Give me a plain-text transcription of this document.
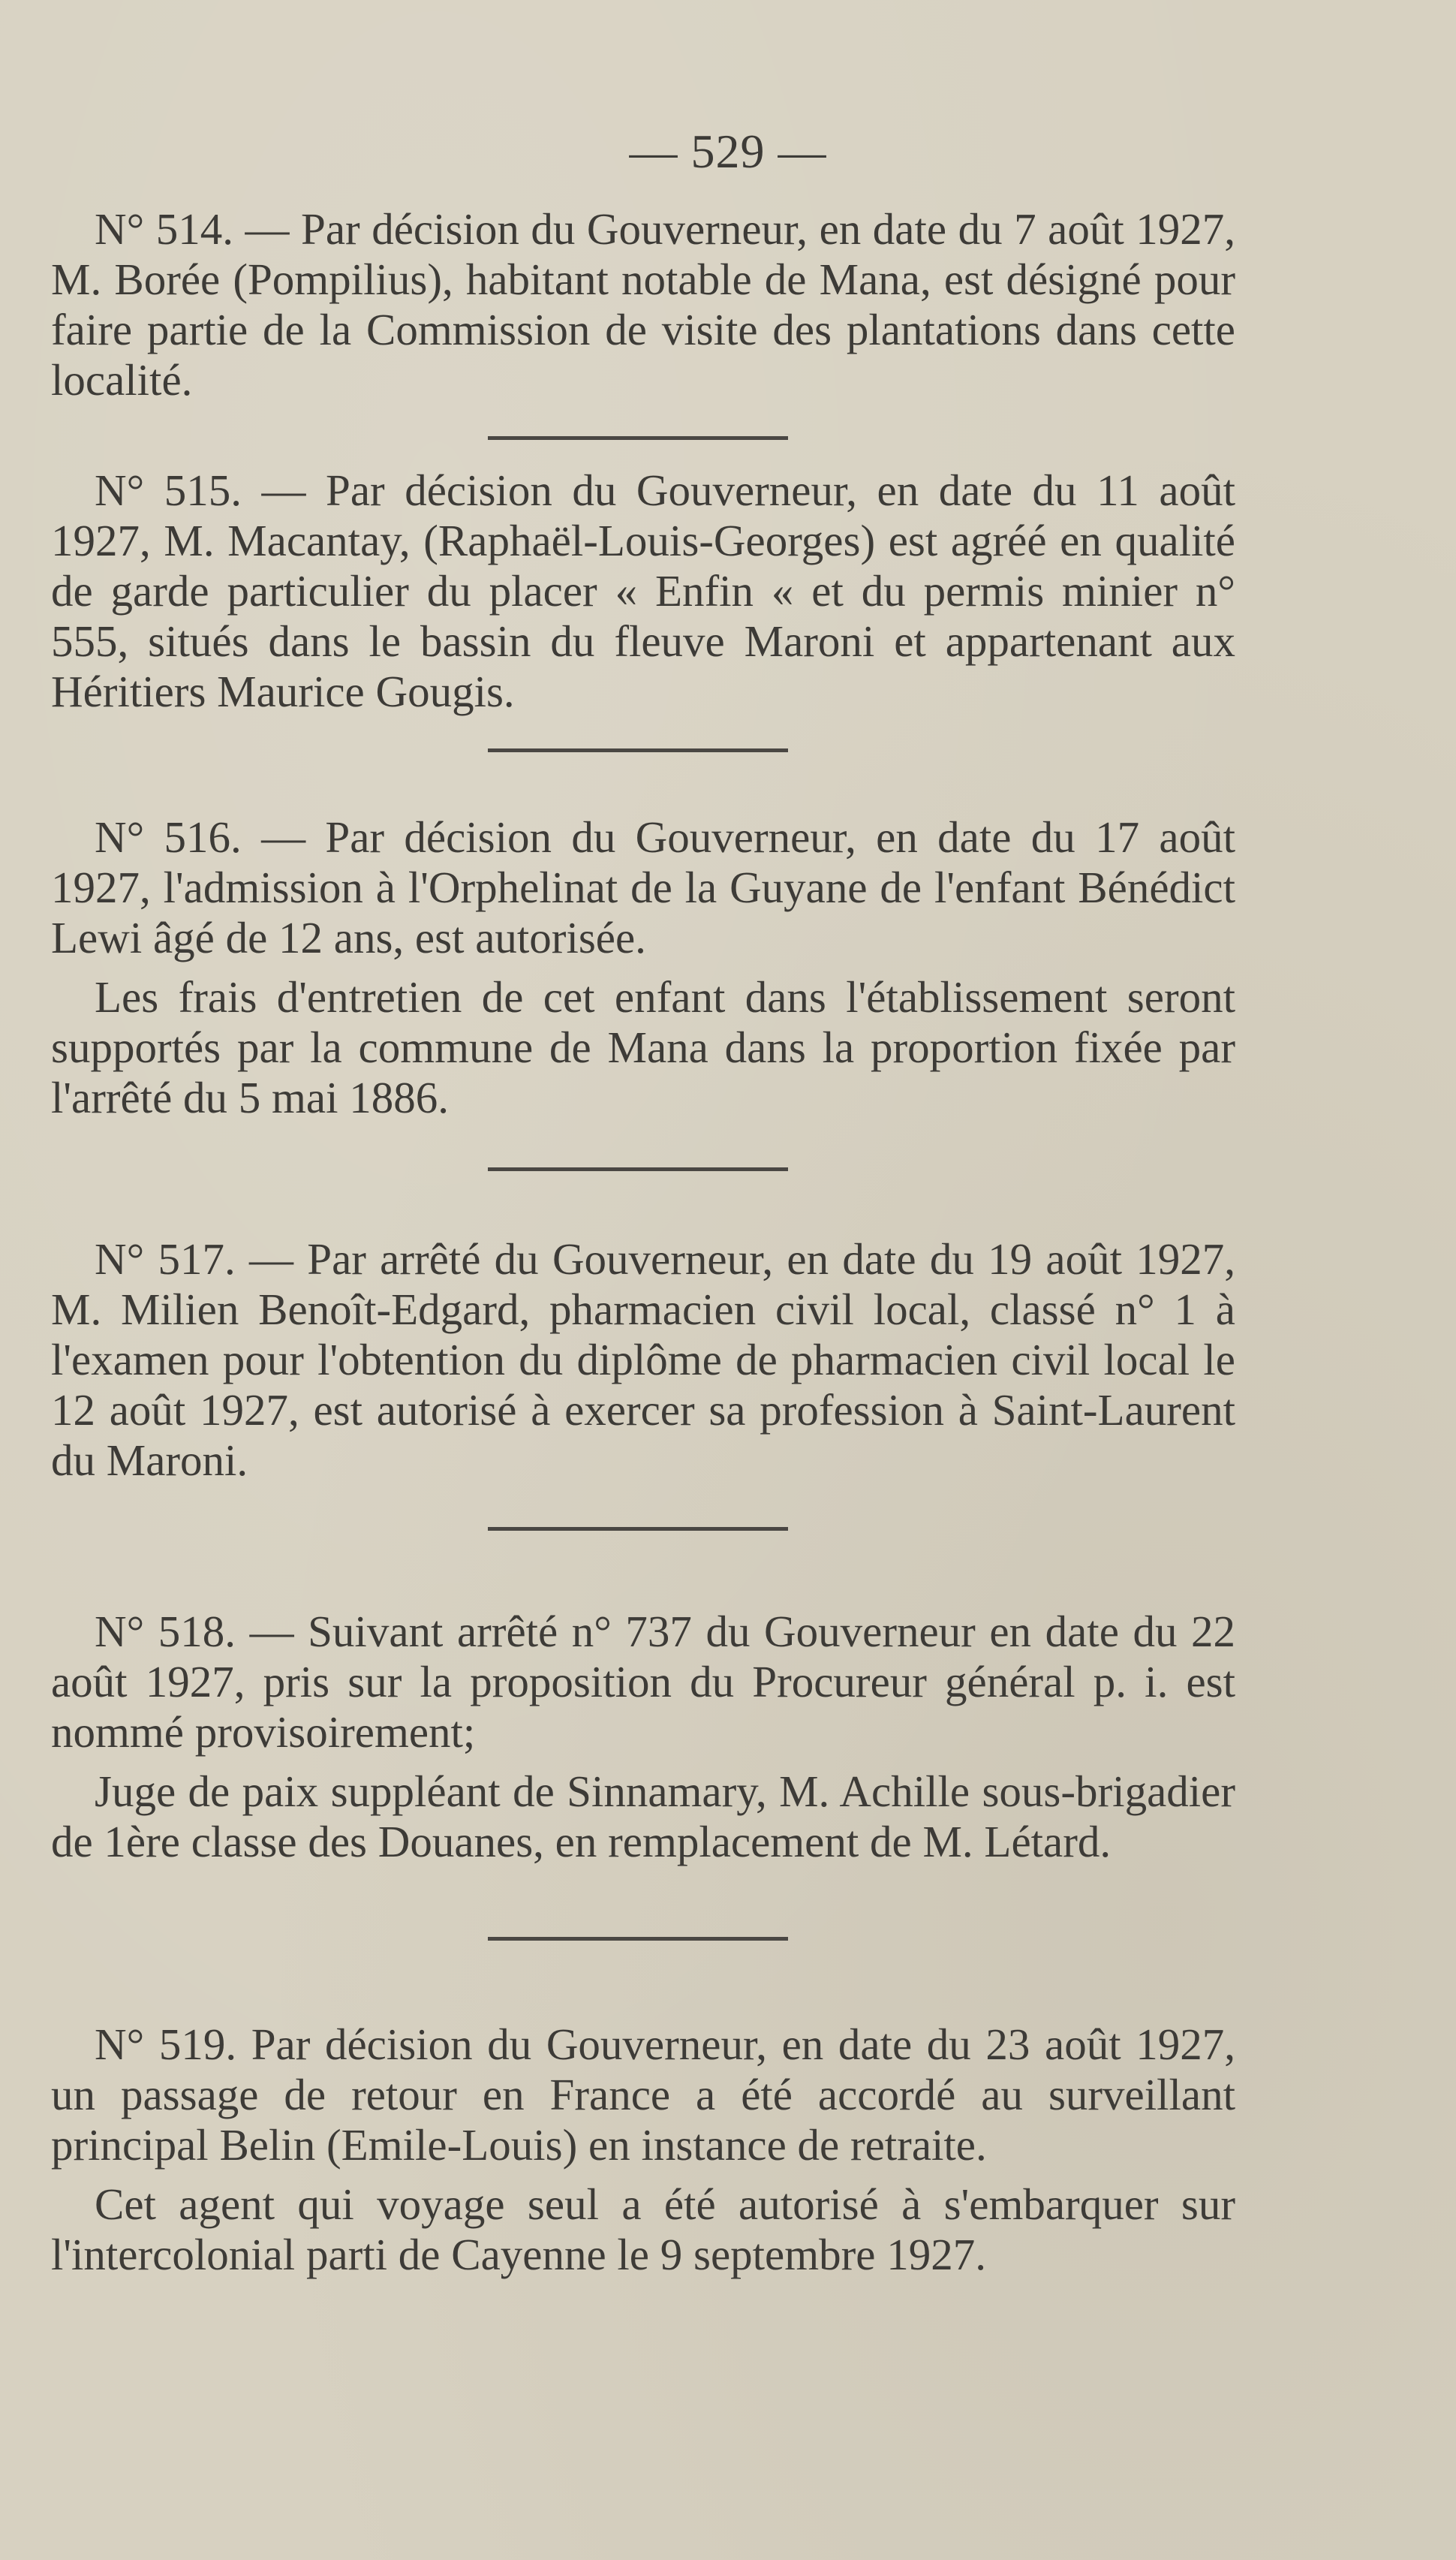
— 529 —

N° 514. — Par décision du Gouverneur, en date du 7 août 1927, M. Borée (Pompilius), habitant notable de Mana, est désigné pour faire partie de la Commission de visite des plantations dans cette localité.

N° 515. — Par décision du Gouverneur, en date du 11 août 1927, M. Macantay, (Raphaël-Louis-Georges) est agréé en qualité de garde particulier du placer « Enfin « et du permis minier n° 555, situés dans le bassin du fleuve Maroni et appartenant aux Héritiers Maurice Gougis.

N° 516. — Par décision du Gouverneur, en date du 17 août 1927, l'admission à l'Orphelinat de la Guyane de l'enfant Bénédict Lewi âgé de 12 ans, est autorisée.

Les frais d'entretien de cet enfant dans l'établissement seront supportés par la commune de Mana dans la proportion fixée par l'arrêté du 5 mai 1886.

N° 517. — Par arrêté du Gouverneur, en date du 19 août 1927, M. Milien Benoît-Edgard, pharmacien civil local, classé n° 1 à l'examen pour l'obtention du diplôme de pharmacien civil local le 12 août 1927, est autorisé à exercer sa profession à Saint-Laurent du Maroni.

N° 518. — Suivant arrêté n° 737 du Gouverneur en date du 22 août 1927, pris sur la proposition du Procureur général p. i. est nommé provisoirement;

Juge de paix suppléant de Sinnamary, M. Achille sous-brigadier de 1ère classe des Douanes, en remplacement de M. Létard.

N° 519. Par décision du Gouverneur, en date du 23 août 1927, un passage de retour en France a été accordé au surveillant principal Belin (Emile-Louis) en instance de retraite.

Cet agent qui voyage seul a été autorisé à s'embarquer sur l'intercolonial parti de Cayenne le 9 septembre 1927.
